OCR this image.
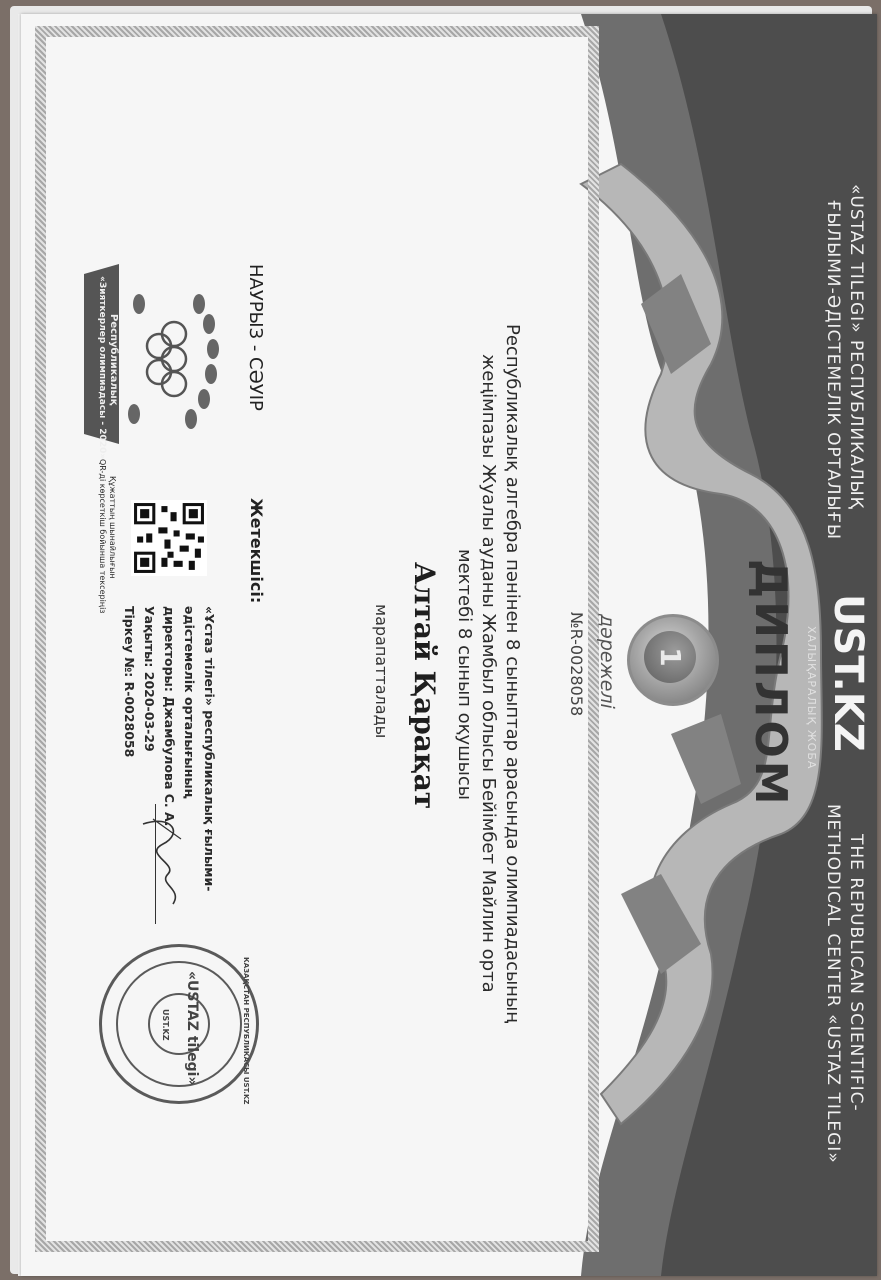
«USTAZ TILEGI» РЕСПУБЛИКАЛЫҚ
ҒЫЛЫМИ-ӘДІСТЕМЕЛІК ОРТАЛЫҒЫ
UST.KZ
ХАЛЫҚАРАЛЫҚ ЖОБА
THE REPUBLICAN SCIENTIFIC-
METHODICAL CENTER «USTAZ TILEGI»
ДИПЛОМ
1
дәрежелі
№R-0028058
Республикалық алгебра пәнінен 8 сыныптар арасында олимпиадасының
жеңімпазы Жуалы ауданы Жамбыл облысы Бейімбет Майлин орта
мектебі 8 сынып оқушысы
Алтай Қарақат
марапатталады
НАУРЫЗ - СӘУІР
Республикалық
«Зияткерлер олимпиадасы - 2020»
Жетекшісі:
Құжаттың шынайлығын
QR-ді көрсеткіш бойынша тексеріңіз
«Ұстаз тілегі» республикалық ғылыми-
әдістемелік орталығының
директоры: Джамбулова С. А.
Уақыты: 2020-03-29
Тіркеу №: R-0028058
«USTAZ tilegi»	КАЗАҚСТАН РЕСПУБЛИКАСЫ UST.KZ
UST.KZ
